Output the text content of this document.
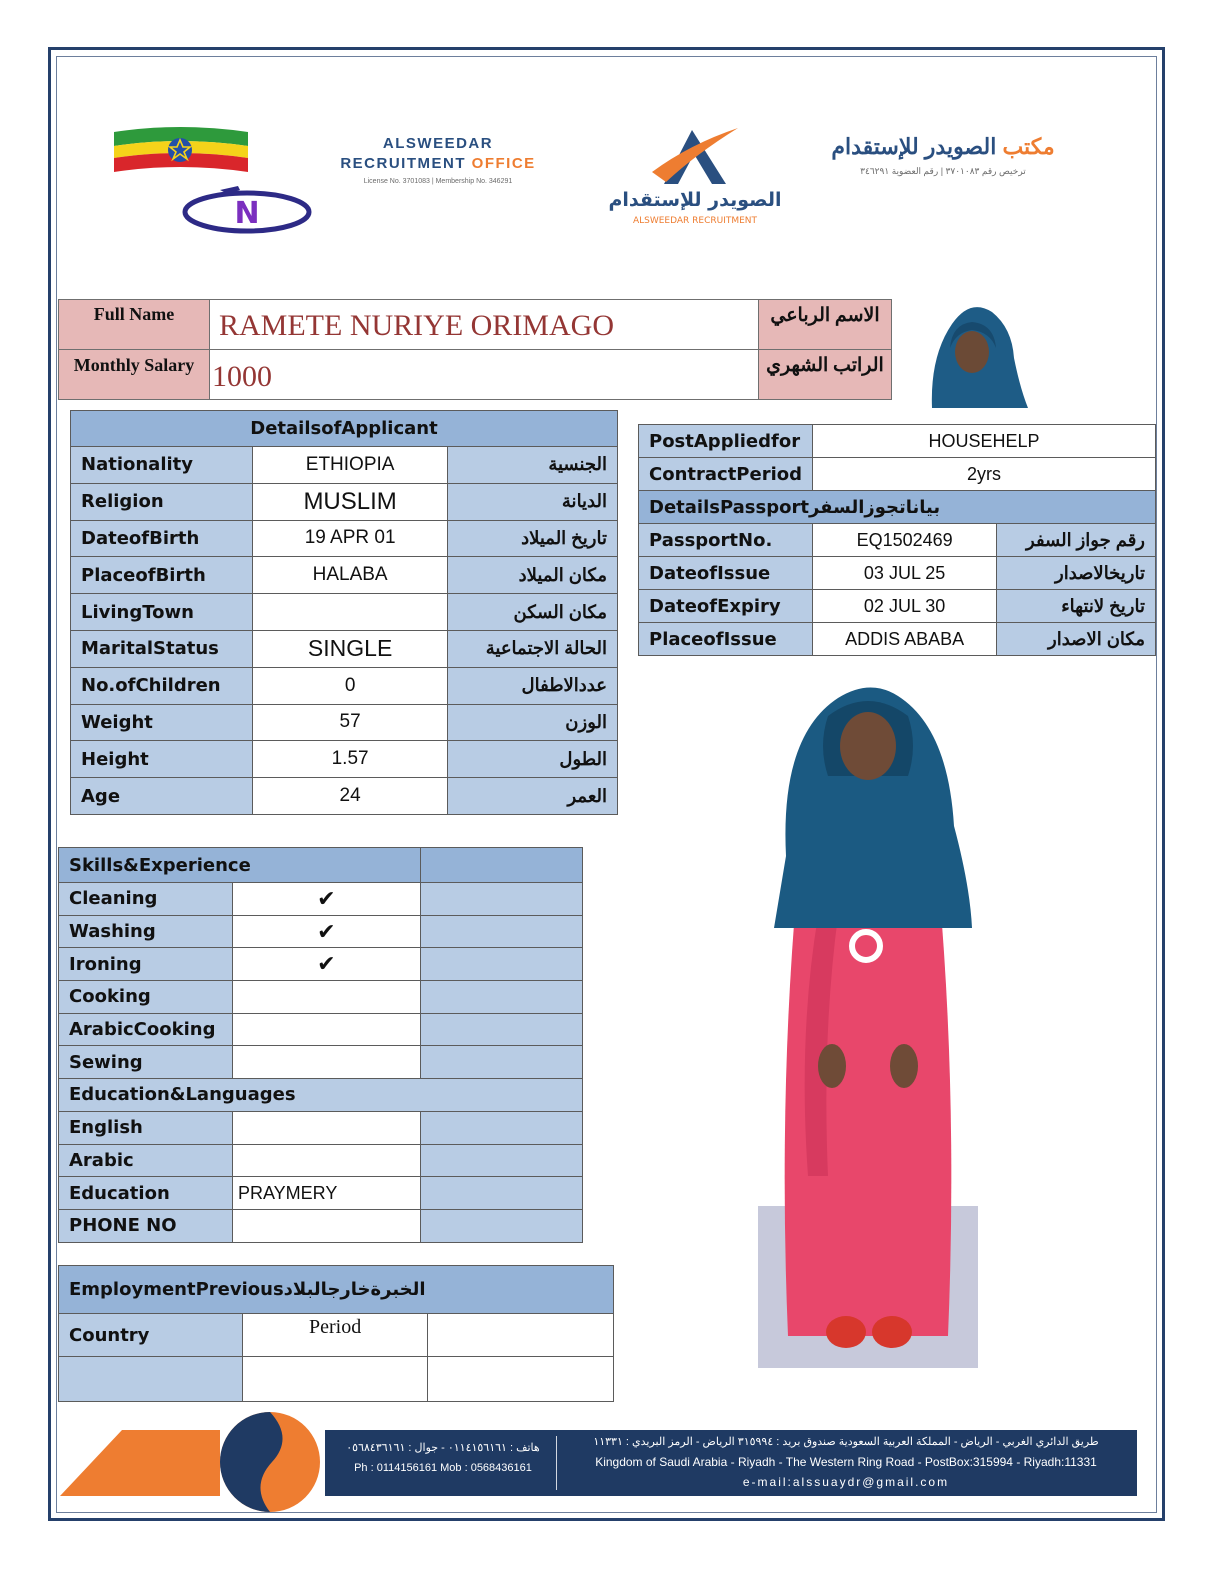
N
ALSWEEDAR
RECRUITMENT OFFICE
License No. 3701083 | Membership No. 346291
الصويدر للإستقدام
ALSWEEDAR RECRUITMENT
مكتب الصويدر للإستقدام
ترخيص رقم ٣٧٠١٠٨٣ | رقم العضوية ٣٤٦٢٩١
Full Name	RAMETE NURIYE ORIMAGO	الاسم الرباعي
Monthly Salary 1000	الراتب الشهري
DetailsofApplicant		
Nationality	ETHIOPIA	الجنسية
Religion	MUSLIM	الديانة
DateofBirth	19 APR 01	تاريخ الميلاد
PlaceofBirth	HALABA	مكان الميلاد
LivingTown		مكان السكن
MaritalStatus	SINGLE	الحالة الاجتماعية
No.ofChildren	0	عددالاطفال
Weight	57	الوزن
Height	1.57	الطول
Age	24	العمر
PostAppliedfor	HOUSEHELP	
ContractPeriod	2yrs	
DetailsPassportبياناتجوزالسفر		
PassportNo.	EQ1502469	رقم جواز السفر
DateofIssue	03 JUL 25	تاريخالاصدار
DateofExpiry	02 JUL 30	تاريخ لانتهاء
PlaceofIssue	ADDIS ABABA	مكان الاصدار
Skills&Experience		
Cleaning	✔	
Washing	✔	
Ironing	✔	
Cooking		
ArabicCooking		
Sewing		
Education&Languages		
English		
Arabic		
Education	PRAYMERY	
PHONE NO		
EmploymentPreviousالخبرةخارجالبلاد		
Country	Period	

هاتف : ٠١١٤١٥٦١٦١ - جوال : ٠٥٦٨٤٣٦١٦١
Ph : 0114156161 Mob : 0568436161
طريق الدائري الغربي - الرياض - المملكة العربية السعودية صندوق بريد : ٣١٥٩٩٤ الرياض - الرمز البريدي : ١١٣٣١
Kingdom of Saudi Arabia - Riyadh - The Western Ring Road - PostBox:315994 - Riyadh:11331
e-mail:alssuaydr@gmail.com
